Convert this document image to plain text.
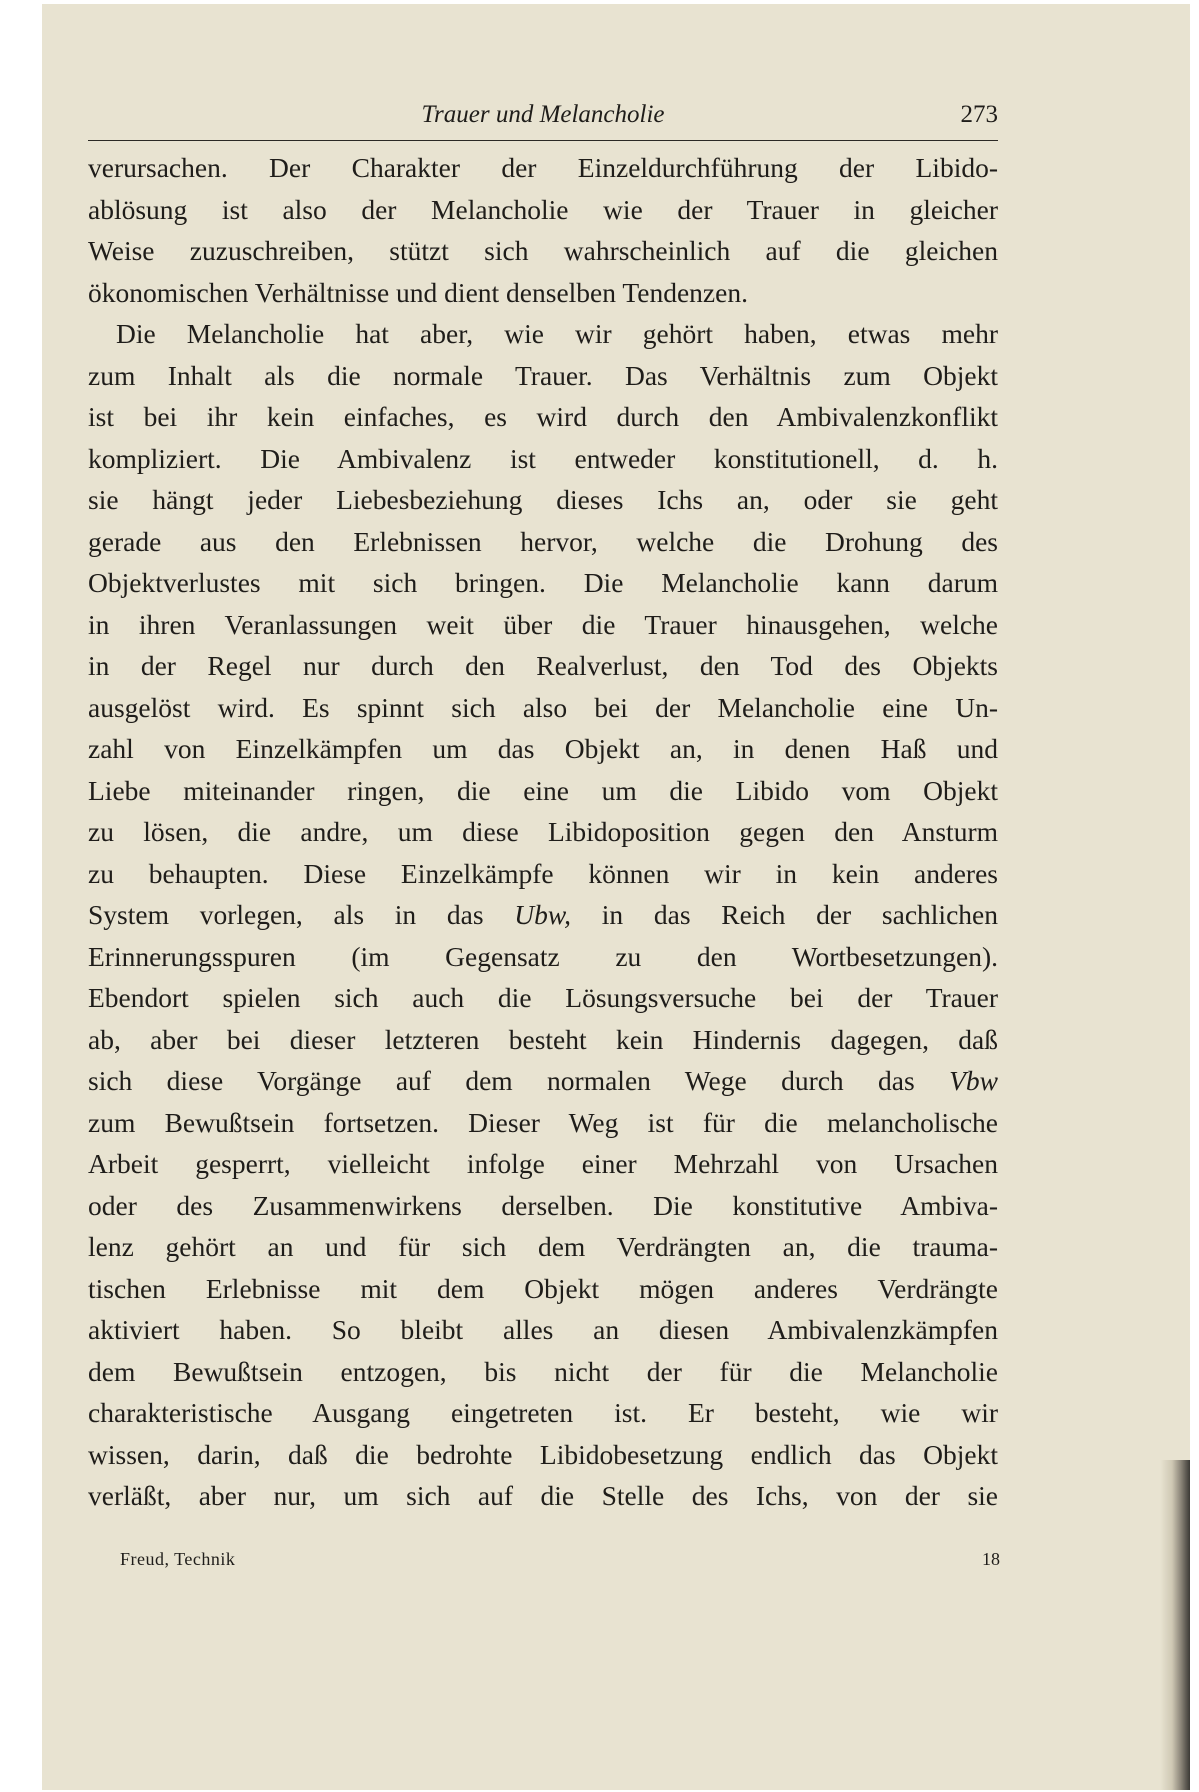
Trauer und Melancholie	273
verursachen. Der Charakter der Einzeldurchführung der Libido-
ablösung ist also der Melancholie wie der Trauer in gleicher
Weise zuzuschreiben, stützt sich wahrscheinlich auf die gleichen
ökonomischen Verhältnisse und dient denselben Tendenzen.
Die Melancholie hat aber, wie wir gehört haben, etwas mehr
zum Inhalt als die normale Trauer. Das Verhältnis zum Objekt
ist bei ihr kein einfaches, es wird durch den Ambivalenzkonflikt
kompliziert. Die Ambivalenz ist entweder konstitutionell, d. h.
sie hängt jeder Liebesbeziehung dieses Ichs an, oder sie geht
gerade aus den Erlebnissen hervor, welche die Drohung des
Objektverlustes mit sich bringen. Die Melancholie kann darum
in ihren Veranlassungen weit über die Trauer hinausgehen, welche
in der Regel nur durch den Realverlust, den Tod des Objekts
ausgelöst wird. Es spinnt sich also bei der Melancholie eine Un-
zahl von Einzelkämpfen um das Objekt an, in denen Haß und
Liebe miteinander ringen, die eine um die Libido vom Objekt
zu lösen, die andre, um diese Libidoposition gegen den Ansturm
zu behaupten. Diese Einzelkämpfe können wir in kein anderes
System vorlegen, als in das Ubw, in das Reich der sachlichen
Erinnerungsspuren (im Gegensatz zu den Wortbesetzungen).
Ebendort spielen sich auch die Lösungsversuche bei der Trauer
ab, aber bei dieser letzteren besteht kein Hindernis dagegen, daß
sich diese Vorgänge auf dem normalen Wege durch das Vbw
zum Bewußtsein fortsetzen. Dieser Weg ist für die melancholische
Arbeit gesperrt, vielleicht infolge einer Mehrzahl von Ursachen
oder des Zusammenwirkens derselben. Die konstitutive Ambiva-
lenz gehört an und für sich dem Verdrängten an, die trauma-
tischen Erlebnisse mit dem Objekt mögen anderes Verdrängte
aktiviert haben. So bleibt alles an diesen Ambivalenzkämpfen
dem Bewußtsein entzogen, bis nicht der für die Melancholie
charakteristische Ausgang eingetreten ist. Er besteht, wie wir
wissen, darin, daß die bedrohte Libidobesetzung endlich das Objekt
verläßt, aber nur, um sich auf die Stelle des Ichs, von der sie
Freud, Technik	18
